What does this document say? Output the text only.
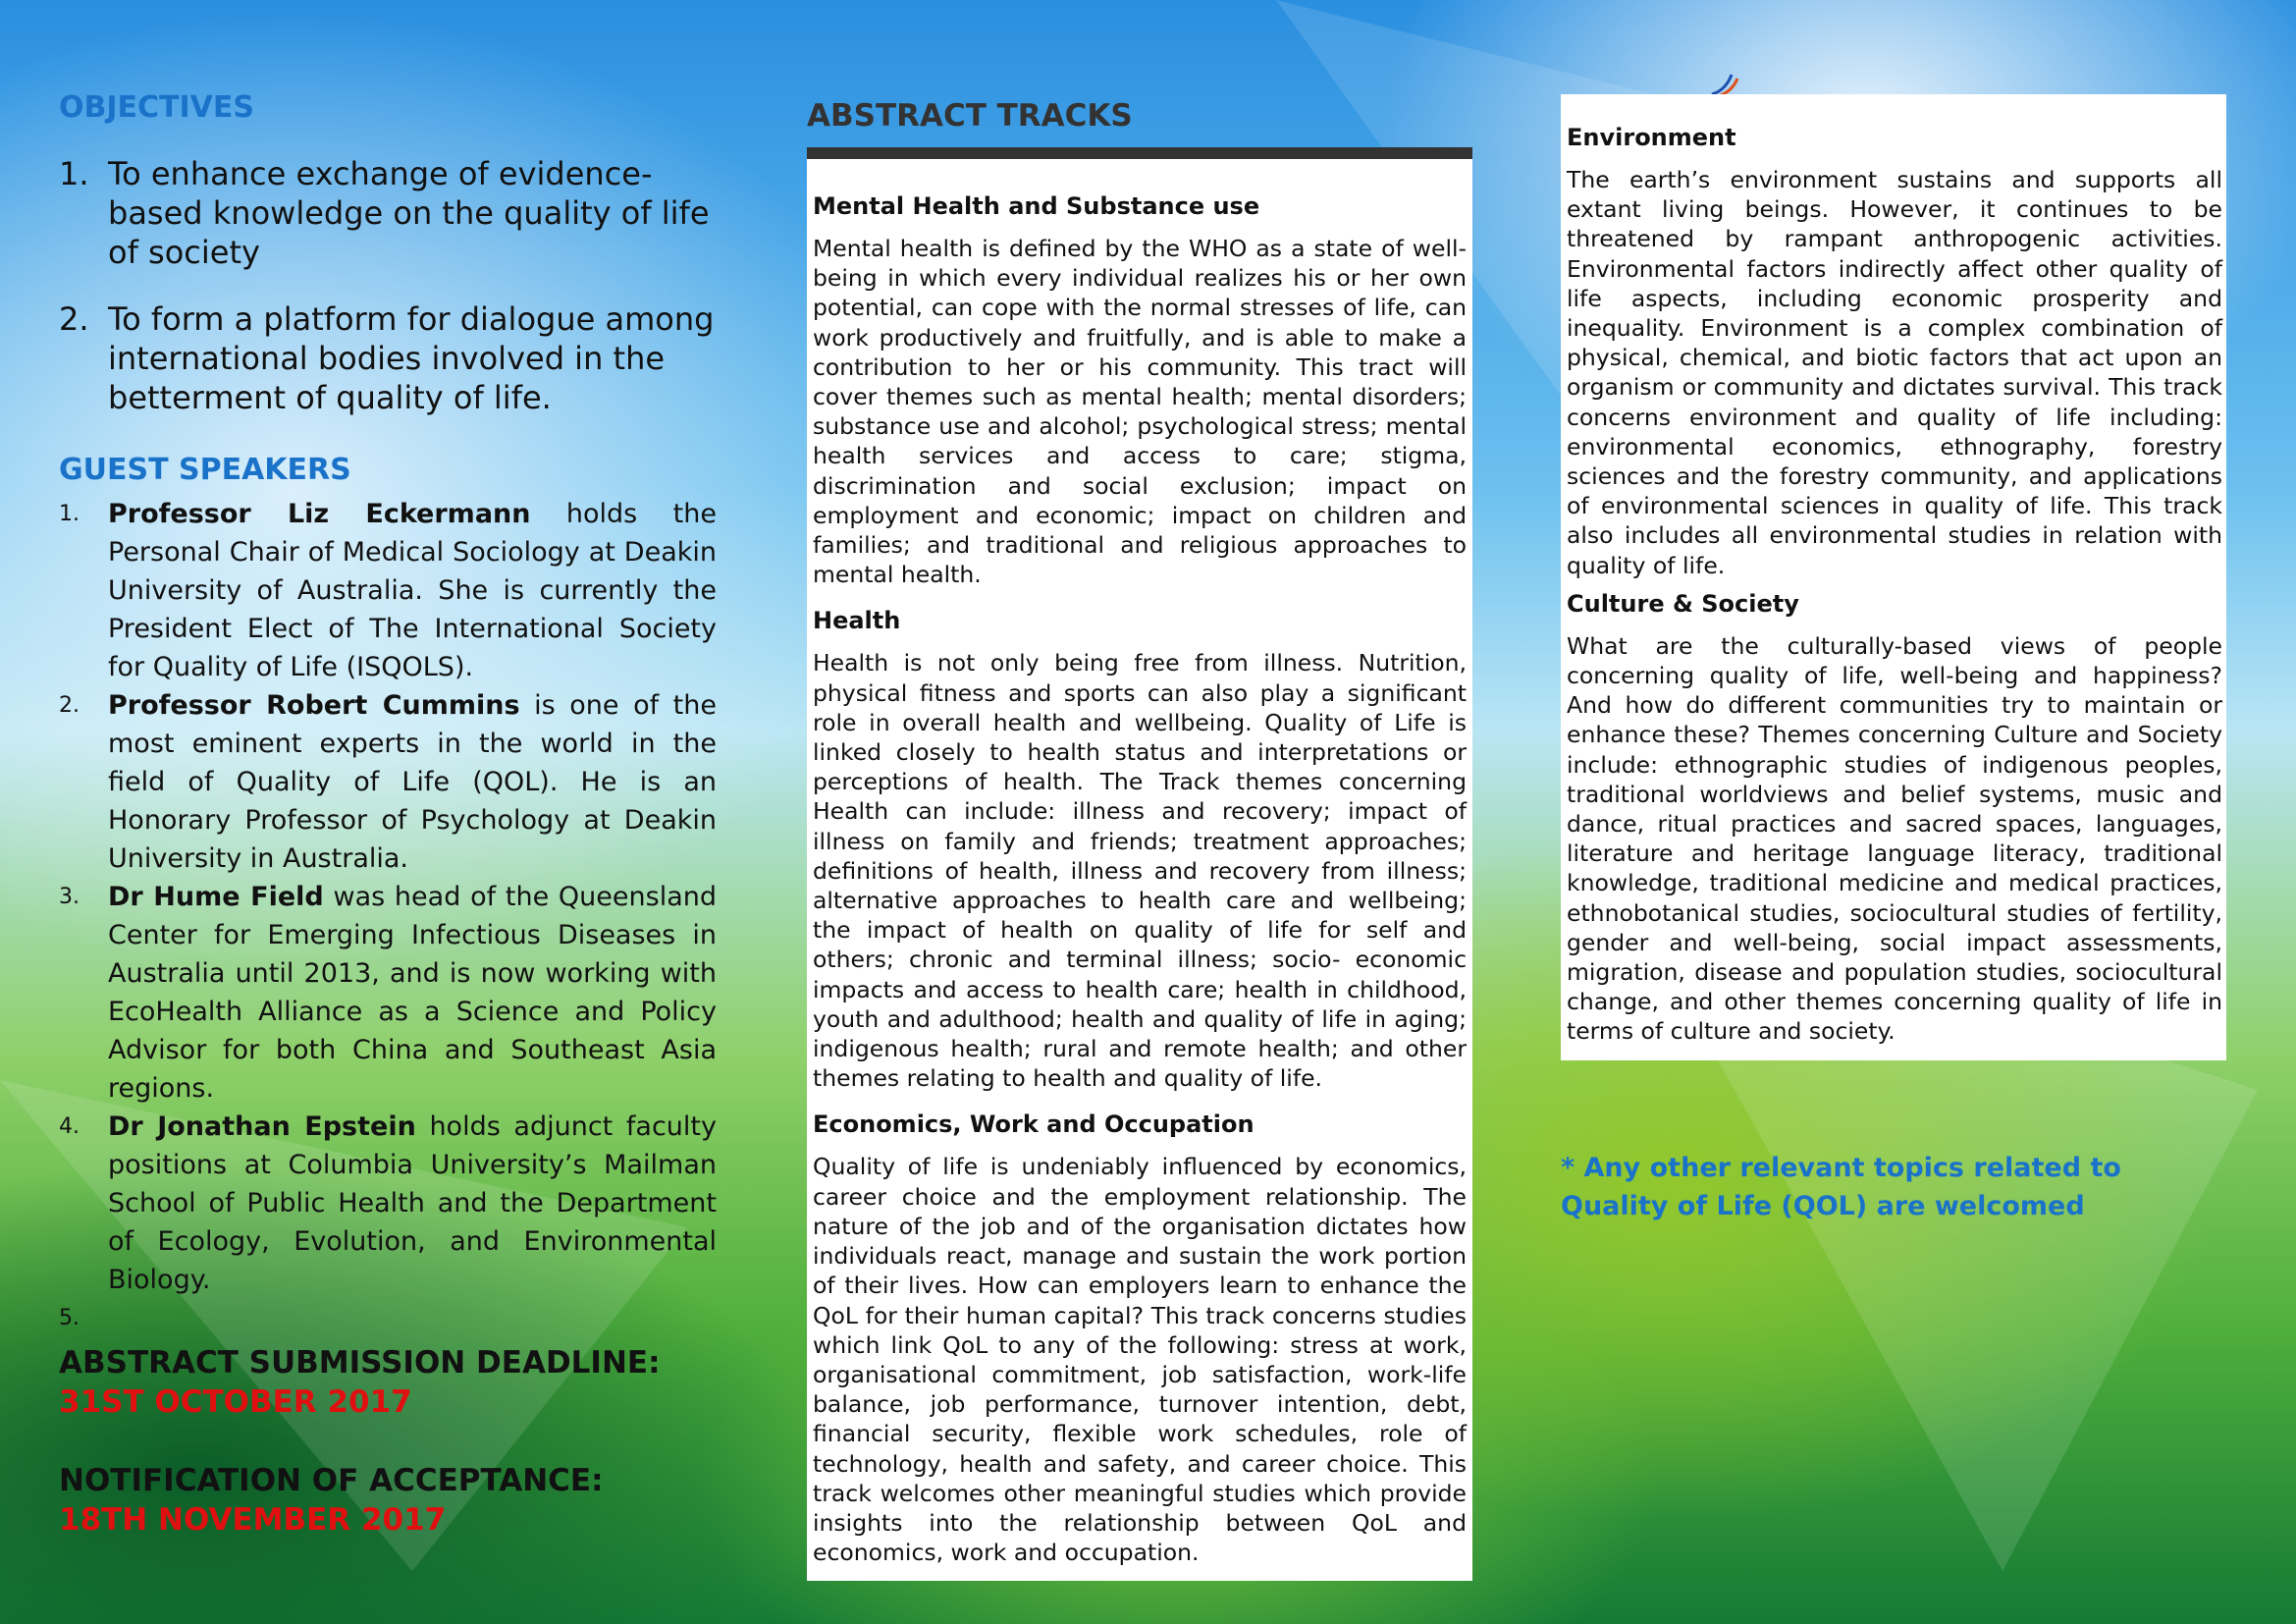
OBJECTIVES
1. To enhance exchange of evidence-based knowledge on the quality of life of society
2. To form a platform for dialogue among international bodies involved in the betterment of quality of life.
GUEST SPEAKERS
1.	Professor Liz Eckermann holds the Personal Chair of Medical Sociology at Deakin University of Australia. She is currently the President Elect of The International Society for Quality of Life (ISQOLS).
2.	Professor Robert Cummins is one of the most eminent experts in the world in the field of Quality of Life (QOL). He is an Honorary Professor of Psychology at Deakin University in Australia.
3.	Dr Hume Field was head of the Queensland Center for Emerging Infectious Diseases in Australia until 2013, and is now working with EcoHealth Alliance as a Science and Policy Advisor for both China and Southeast Asia regions.
4.	Dr Jonathan Epstein holds adjunct faculty positions at Columbia University’s Mailman School of Public Health and the Department of Ecology, Evolution, and Environmental Biology.
5.
ABSTRACT SUBMISSION DEADLINE:
31ST OCTOBER 2017
NOTIFICATION OF ACCEPTANCE:
18TH NOVEMBER 2017
ABSTRACT TRACKS
Mental Health and Substance use

Mental health is defined by the WHO as a state of well-being in which every individual realizes his or her own potential, can cope with the normal stresses of life, can work productively and fruitfully, and is able to make a contribution to her or his community. This tract will cover themes such as mental health; mental disorders; substance use and alcohol; psychological stress; mental health services and access to care; stigma, discrimination and social exclusion; impact on employment and economic; impact on children and families; and traditional and religious approaches to mental health.

Health

Health is not only being free from illness. Nutrition, physical fitness and sports can also play a significant role in overall health and wellbeing. Quality of Life is linked closely to health status and interpretations or perceptions of health. The Track themes concerning Health can include: illness and recovery; impact of illness on family and friends; treatment approaches; definitions of health, illness and recovery from illness; alternative approaches to health care and wellbeing; the impact of health on quality of life for self and others; chronic and terminal illness; socio- economic impacts and access to health care; health in childhood, youth and adulthood; health and quality of life in aging; indigenous health; rural and remote health; and other themes relating to health and quality of life.

Economics, Work and Occupation

Quality of life is undeniably influenced by economics, career choice and the employment relationship. The nature of the job and of the organisation dictates how individuals react, manage and sustain the work portion of their lives. How can employers learn to enhance the QoL for their human capital? This track concerns studies which link QoL to any of the following: stress at work, organisational commitment, job satisfaction, work-life balance, job performance, turnover intention, debt, financial security, flexible work schedules, role of technology, health and safety, and career choice. This track welcomes other meaningful studies which provide insights into the relationship between QoL and economics, work and occupation.

Environment

The earth’s environment sustains and supports all extant living beings. However, it continues to be threatened by rampant anthropogenic activities. Environmental factors indirectly affect other quality of life aspects, including economic prosperity and inequality. Environment is a complex combination of physical, chemical, and biotic factors that act upon an organism or community and dictates survival. This track concerns environment and quality of life including: environmental economics, ethnography, forestry sciences and the forestry community, and applications of environmental sciences in quality of life. This track also includes all environmental studies in relation with quality of life.

Culture & Society

What are the culturally-based views of people concerning quality of life, well-being and happiness? And how do different communities try to maintain or enhance these? Themes concerning Culture and Society include: ethnographic studies of indigenous peoples, traditional worldviews and belief systems, music and dance, ritual practices and sacred spaces, languages, literature and heritage language literacy, traditional knowledge, traditional medicine and medical practices, ethnobotanical studies, sociocultural studies of fertility, gender and well-being, social impact assessments, migration, disease and population studies, sociocultural change, and other themes concerning quality of life in terms of culture and society.

* Any other relevant topics related to Quality of Life (QOL) are welcomed
